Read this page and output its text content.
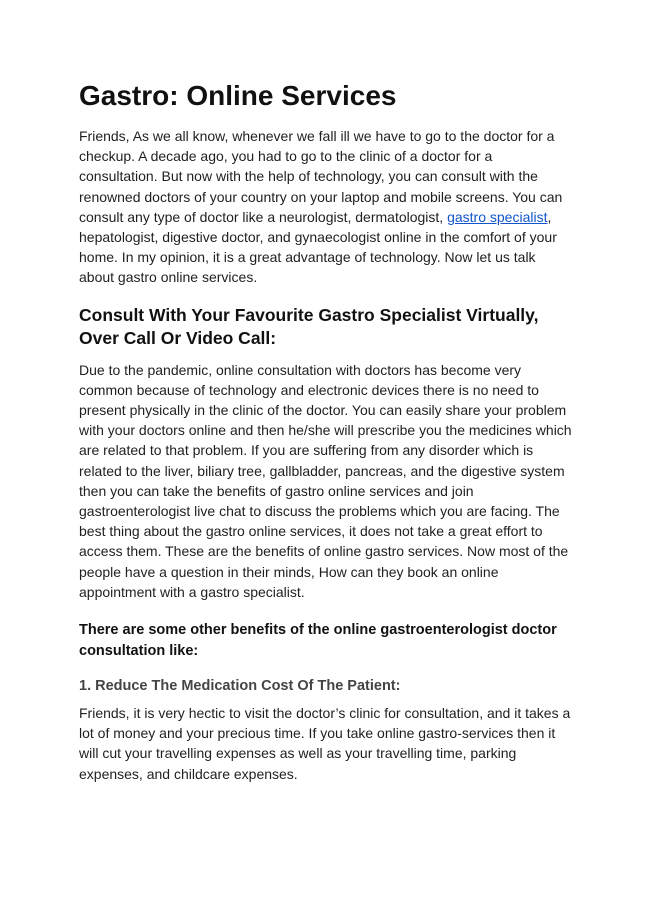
Gastro: Online Services

Friends, As we all know, whenever we fall ill we have to go to the doctor for a checkup. A decade ago, you had to go to the clinic of a doctor for a consultation. But now with the help of technology, you can consult with the renowned doctors of your country on your laptop and mobile screens. You can consult any type of doctor like a neurologist, dermatologist, gastro specialist, hepatologist, digestive doctor, and gynaecologist online in the comfort of your home. In my opinion, it is a great advantage of technology. Now let us talk about gastro online services.

Consult With Your Favourite Gastro Specialist Virtually, Over Call Or Video Call:

Due to the pandemic, online consultation with doctors has become very common because of technology and electronic devices there is no need to present physically in the clinic of the doctor. You can easily share your problem with your doctors online and then he/she will prescribe you the medicines which are related to that problem. If you are suffering from any disorder which is related to the liver, biliary tree, gallbladder, pancreas, and the digestive system then you can take the benefits of gastro online services and join gastroenterologist live chat to discuss the problems which you are facing. The best thing about the gastro online services, it does not take a great effort to access them. These are the benefits of online gastro services. Now most of the people have a question in their minds, How can they book an online appointment with a gastro specialist.

There are some other benefits of the online gastroenterologist doctor consultation like:
1. Reduce The Medication Cost Of The Patient:

Friends, it is very hectic to visit the doctor’s clinic for consultation, and it takes a lot of money and your precious time. If you take online gastro-services then it will cut your travelling expenses as well as your travelling time, parking expenses, and childcare expenses.
